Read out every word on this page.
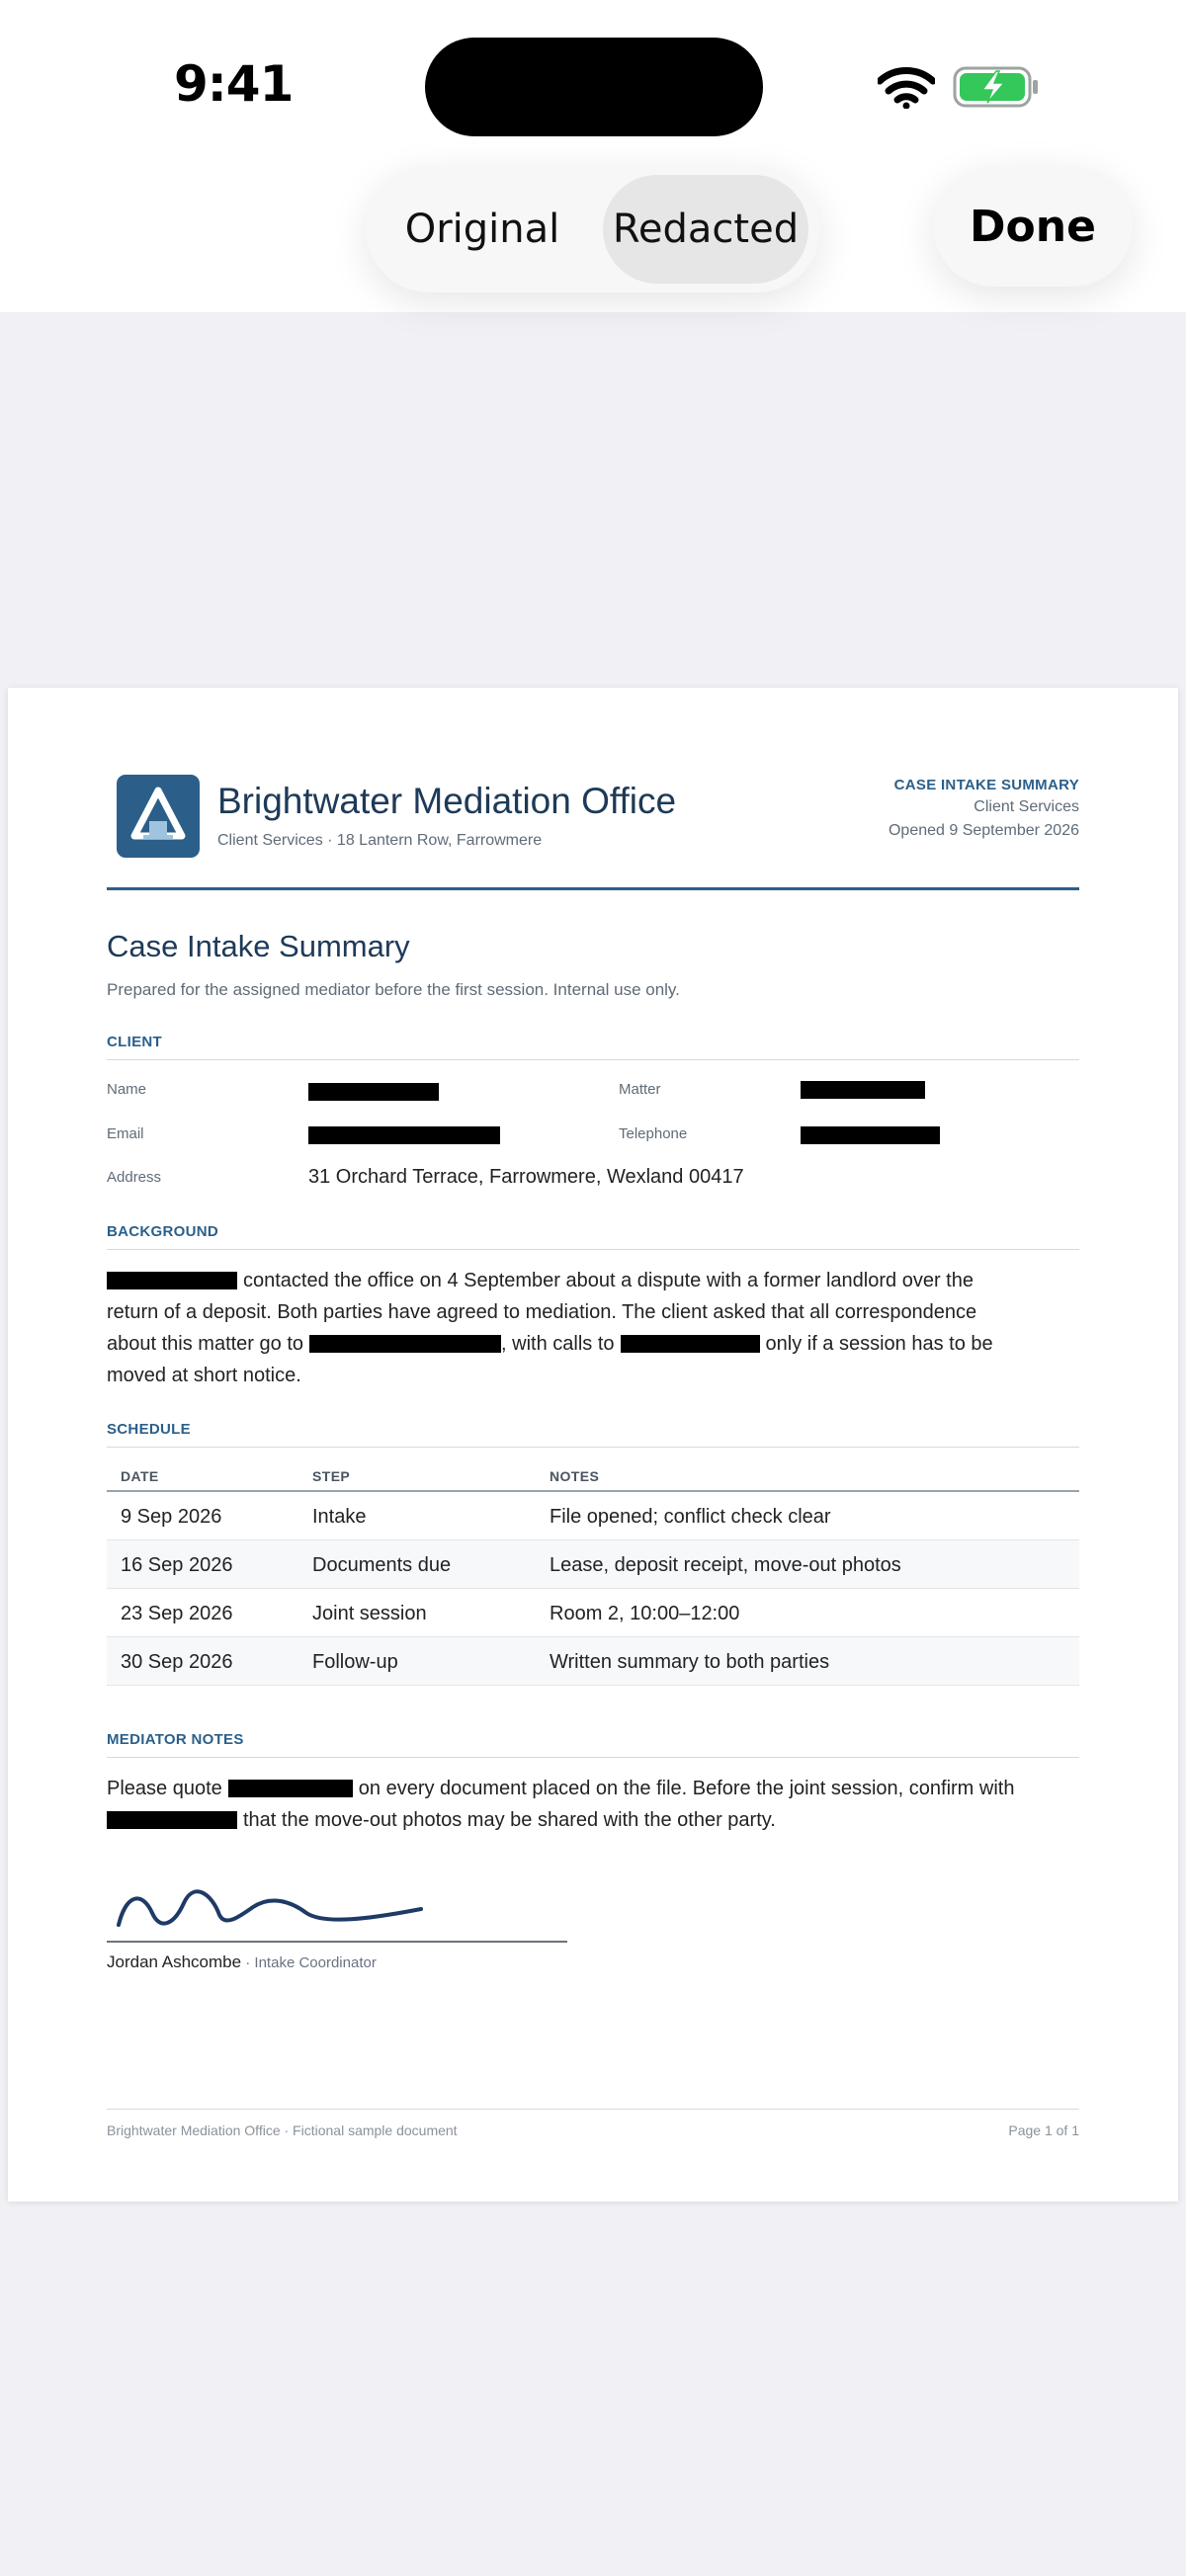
9:41
Original	Redacted	Done
Brightwater Mediation Office
Client Services · 18 Lantern Row, Farrowmere
CASE INTAKE SUMMARY
Client Services
Opened 9 September 2026
Case Intake Summary
Prepared for the assigned mediator before the first session. Internal use only.
CLIENT
Name	Matter
Email	Telephone
Address	31 Orchard Terrace, Farrowmere, Wexland 00417
BACKGROUND
contacted the office on 4 September about a dispute with a former landlord over the
return of a deposit. Both parties have agreed to mediation. The client asked that all correspondence
about this matter go to	, with calls to	only if a session has to be
moved at short notice.
SCHEDULE
DATE	STEP	NOTES
9 Sep 2026	Intake	File opened; conflict check clear
16 Sep 2026	Documents due	Lease, deposit receipt, move-out photos
23 Sep 2026	Joint session	Room 2, 10:00–12:00
30 Sep 2026	Follow-up	Written summary to both parties
MEDIATOR NOTES
Please quote	on every document placed on the file. Before the joint session, confirm with
that the move-out photos may be shared with the other party.
Jordan Ashcombe · Intake Coordinator
Brightwater Mediation Office · Fictional sample document	Page 1 of 1
